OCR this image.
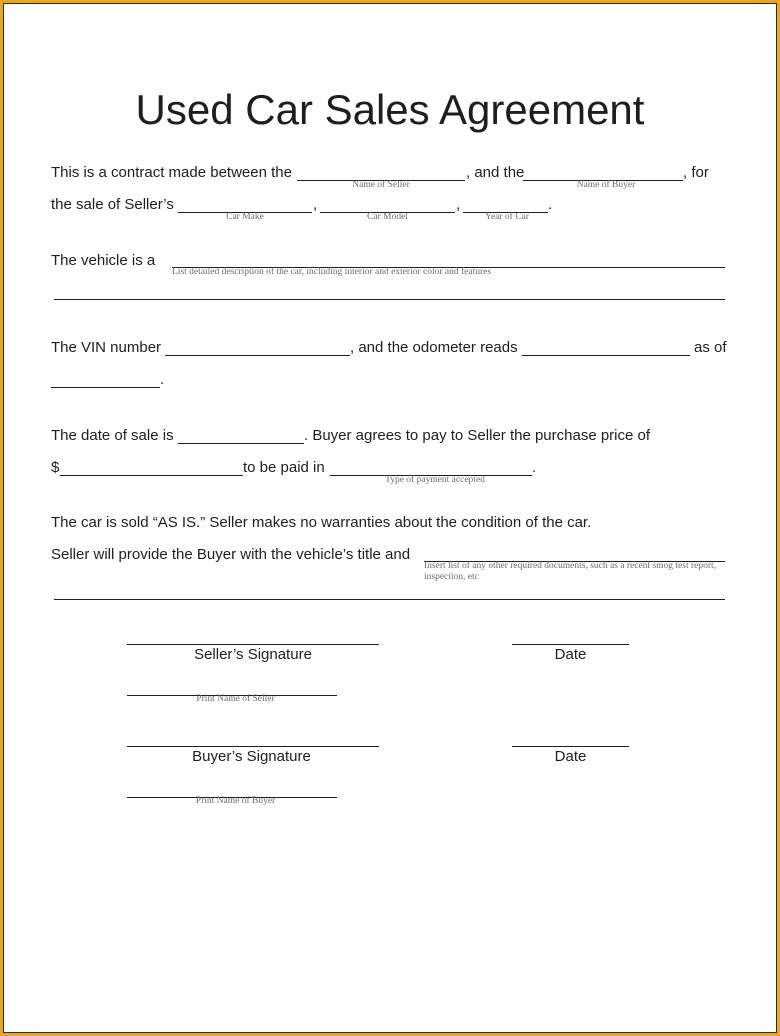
Used Car Sales Agreement
This is a contract made between the
Name of Seller
, and the
Name of Buyer
, for
the sale of Seller’s
Car Make
,
Car Model
,
Year of Car
.
The vehicle is a
List detailed description of the car, including interior and exterior color and features
The VIN number	, and the odometer reads	as of
.
The date of sale is	. Buyer agrees to pay to Seller the purchase price of
$	to be paid in
Type of payment accepted
.
The car is sold “AS IS.” Seller makes no warranties about the condition of the car.
Seller will provide the Buyer with the vehicle’s title and
Insert list of any other required documents, such as a recent smog test report, inspection, etc
Seller’s Signature	Date
Print Name of Seller
Buyer’s Signature	Date
Print Name of Buyer
